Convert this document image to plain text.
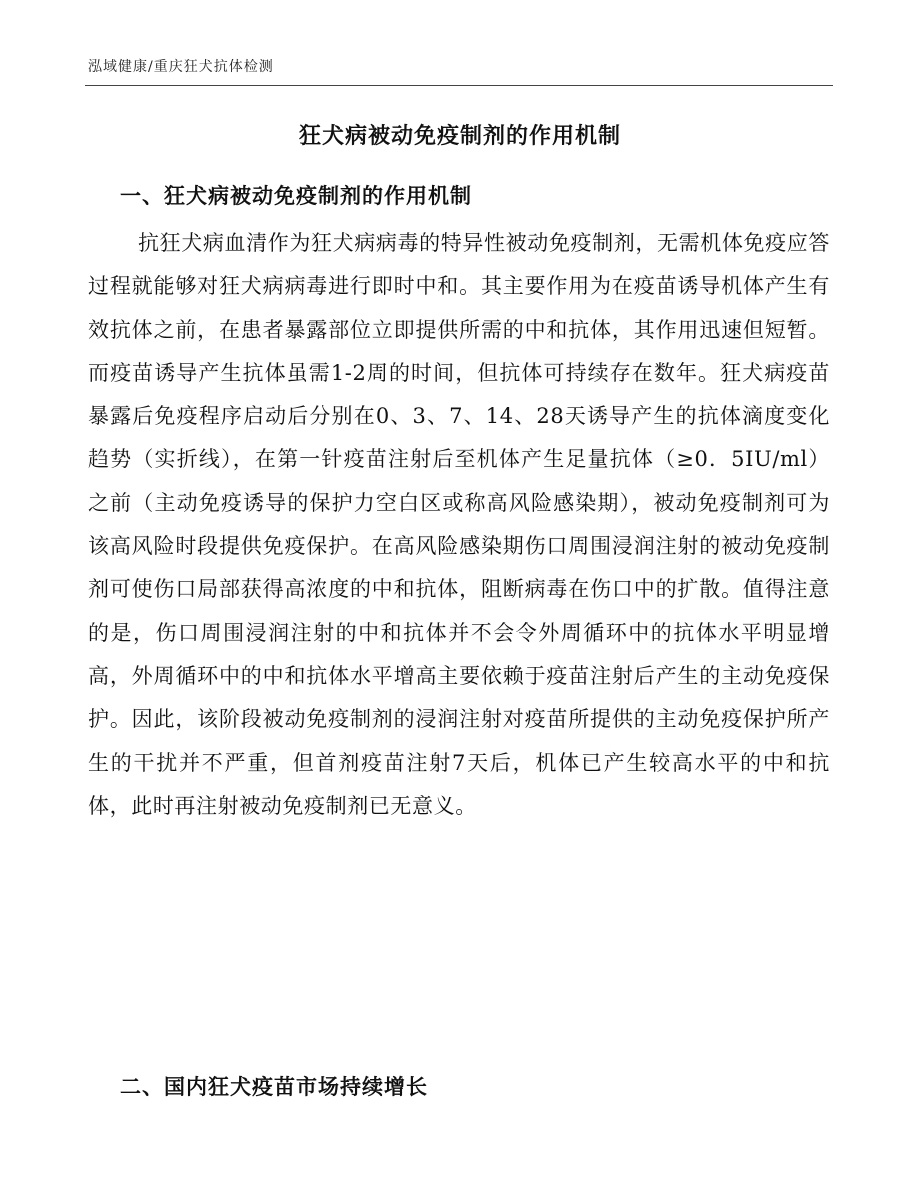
泓域健康/重庆狂犬抗体检测
狂犬病被动免疫制剂的作用机制
一、狂犬病被动免疫制剂的作用机制

抗狂犬病血清作为狂犬病病毒的特异性被动免疫制剂，无需机体免疫应答过程就能够对狂犬病病毒进行即时中和。其主要作用为在疫苗诱导机体产生有效抗体之前，在患者暴露部位立即提供所需的中和抗体，其作用迅速但短暂。而疫苗诱导产生抗体虽需1-2周的时间，但抗体可持续存在数年。狂犬病疫苗暴露后免疫程序启动后分别在0、3、7、14、28天诱导产生的抗体滴度变化趋势（实折线），在第一针疫苗注射后至机体产生足量抗体（≥0．5IU/ml）之前（主动免疫诱导的保护力空白区或称高风险感染期），被动免疫制剂可为该高风险时段提供免疫保护。在高风险感染期伤口周围浸润注射的被动免疫制剂可使伤口局部获得高浓度的中和抗体，阻断病毒在伤口中的扩散。值得注意的是，伤口周围浸润注射的中和抗体并不会令外周循环中的抗体水平明显增高，外周循环中的中和抗体水平增高主要依赖于疫苗注射后产生的主动免疫保护。因此，该阶段被动免疫制剂的浸润注射对疫苗所提供的主动免疫保护所产生的干扰并不严重，但首剂疫苗注射7天后，机体已产生较高水平的中和抗体，此时再注射被动免疫制剂已无意义。

二、国内狂犬疫苗市场持续增长
